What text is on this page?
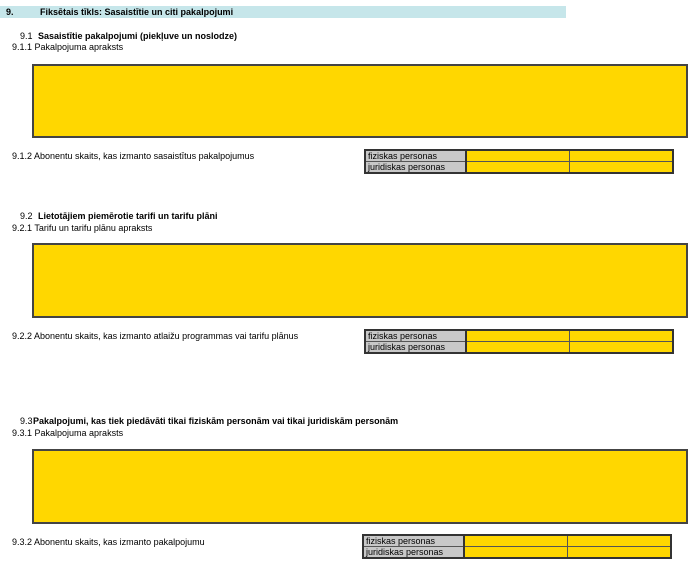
9.	Fiksētais tīkls: Sasaistītie un citi pakalpojumi
9.1 Sasaistītie pakalpojumi (piekļuve un noslodze)
9.1.1 Pakalpojuma apraksts
9.1.2 Abonentu skaits, kas izmanto sasaistītus pakalpojumus	fiziskas personas		
juridiskas personas		
9.2 Lietotājiem piemērotie tarifi un tarifu plāni
9.2.1 Tarifu un tarifu plānu apraksts
9.2.2 Abonentu skaits, kas izmanto atlaižu programmas vai tarifu plānus	fiziskas personas		
juridiskas personas		
9.3 Pakalpojumi, kas tiek piedāvāti tikai fiziskām personām vai tikai juridiskām personām
9.3.1 Pakalpojuma apraksts
9.3.2 Abonentu skaits, kas izmanto pakalpojumu	fiziskas personas		
juridiskas personas		
